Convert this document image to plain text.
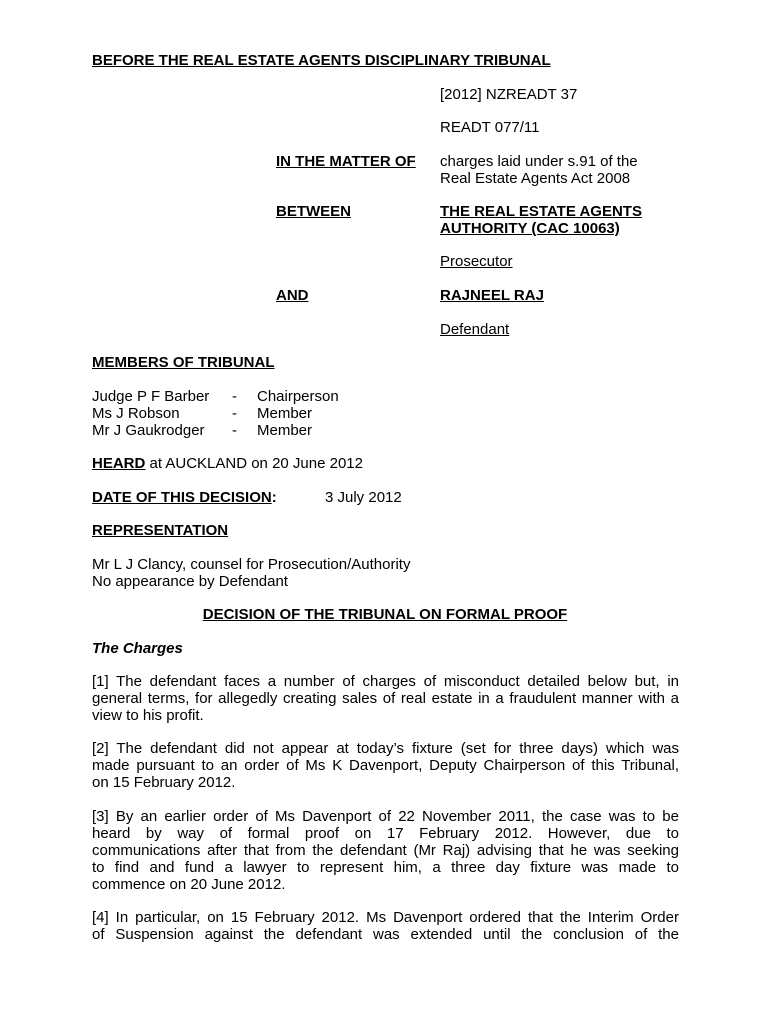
BEFORE THE REAL ESTATE AGENTS DISCIPLINARY TRIBUNAL
[2012] NZREADT 37
READT 077/11
IN THE MATTER OF charges laid under s.91 of the
Real Estate Agents Act 2008
BETWEEN	THE REAL ESTATE AGENTS
AUTHORITY (CAC 10063)
Prosecutor
AND	RAJNEEL RAJ
Defendant
MEMBERS OF TRIBUNAL
Judge P F Barber - Chairperson
Ms J Robson	- Member
Mr J Gaukrodger - Member
HEARD at AUCKLAND on 20 June 2012
DATE OF THIS DECISION:	3 July 2012
REPRESENTATION
Mr L J Clancy, counsel for Prosecution/Authority
No appearance by Defendant
DECISION OF THE TRIBUNAL ON FORMAL PROOF
The Charges
[1] The defendant faces a number of charges of misconduct detailed below but, in
general terms, for allegedly creating sales of real estate in a fraudulent manner with a
view to his profit.
[2] The defendant did not appear at today’s fixture (set for three days) which was
made pursuant to an order of Ms K Davenport, Deputy Chairperson of this Tribunal,
on 15 February 2012.
[3] By an earlier order of Ms Davenport of 22 November 2011, the case was to be
heard by way of formal proof on 17 February 2012. However, due to
communications after that from the defendant (Mr Raj) advising that he was seeking
to find and fund a lawyer to represent him, a three day fixture was made to
commence on 20 June 2012.
[4] In particular, on 15 February 2012. Ms Davenport ordered that the Interim Order
of Suspension against the defendant was extended until the conclusion of the
